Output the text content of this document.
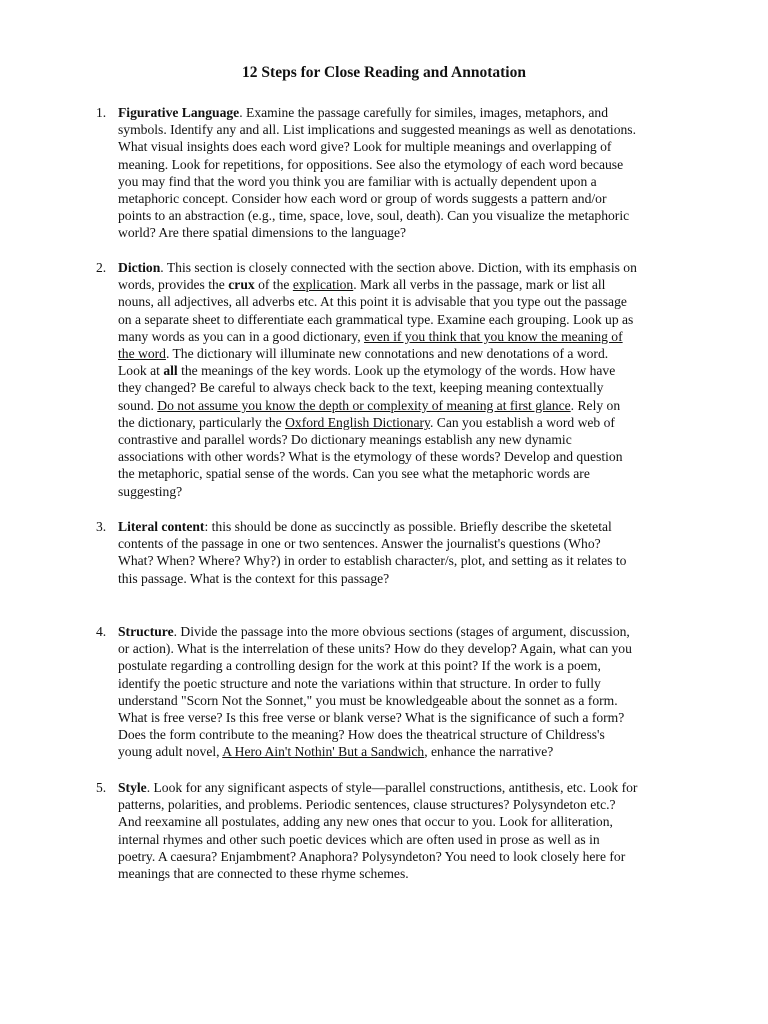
12 Steps for Close Reading and Annotation
1. Figurative Language. Examine the passage carefully for similes, images, metaphors, and
symbols. Identify any and all. List implications and suggested meanings as well as denotations.
What visual insights does each word give? Look for multiple meanings and overlapping of
meaning. Look for repetitions, for oppositions. See also the etymology of each word because
you may find that the word you think you are familiar with is actually dependent upon a
metaphoric concept. Consider how each word or group of words suggests a pattern and/or
points to an abstraction (e.g., time, space, love, soul, death). Can you visualize the metaphoric
world? Are there spatial dimensions to the language?
2. Diction. This section is closely connected with the section above. Diction, with its emphasis on
words, provides the crux of the explication. Mark all verbs in the passage, mark or list all
nouns, all adjectives, all adverbs etc. At this point it is advisable that you type out the passage
on a separate sheet to differentiate each grammatical type. Examine each grouping. Look up as
many words as you can in a good dictionary, even if you think that you know the meaning of
the word. The dictionary will illuminate new connotations and new denotations of a word.
Look at all the meanings of the key words. Look up the etymology of the words. How have
they changed? Be careful to always check back to the text, keeping meaning contextually
sound. Do not assume you know the depth or complexity of meaning at first glance. Rely on
the dictionary, particularly the Oxford English Dictionary. Can you establish a word web of
contrastive and parallel words? Do dictionary meanings establish any new dynamic
associations with other words? What is the etymology of these words? Develop and question
the metaphoric, spatial sense of the words. Can you see what the metaphoric words are
suggesting?
3. Literal content: this should be done as succinctly as possible. Briefly describe the sketetal
contents of the passage in one or two sentences. Answer the journalist's questions (Who?
What? When? Where? Why?) in order to establish character/s, plot, and setting as it relates to
this passage. What is the context for this passage?
4. Structure. Divide the passage into the more obvious sections (stages of argument, discussion,
or action). What is the interrelation of these units? How do they develop? Again, what can you
postulate regarding a controlling design for the work at this point? If the work is a poem,
identify the poetic structure and note the variations within that structure. In order to fully
understand "Scorn Not the Sonnet," you must be knowledgeable about the sonnet as a form.
What is free verse? Is this free verse or blank verse? What is the significance of such a form?
Does the form contribute to the meaning? How does the theatrical structure of Childress's
young adult novel, A Hero Ain't Nothin' But a Sandwich, enhance the narrative?
5. Style. Look for any significant aspects of style—parallel constructions, antithesis, etc. Look for
patterns, polarities, and problems. Periodic sentences, clause structures? Polysyndeton etc.?
And reexamine all postulates, adding any new ones that occur to you. Look for alliteration,
internal rhymes and other such poetic devices which are often used in prose as well as in
poetry. A caesura? Enjambment? Anaphora? Polysyndeton? You need to look closely here for
meanings that are connected to these rhyme schemes.
